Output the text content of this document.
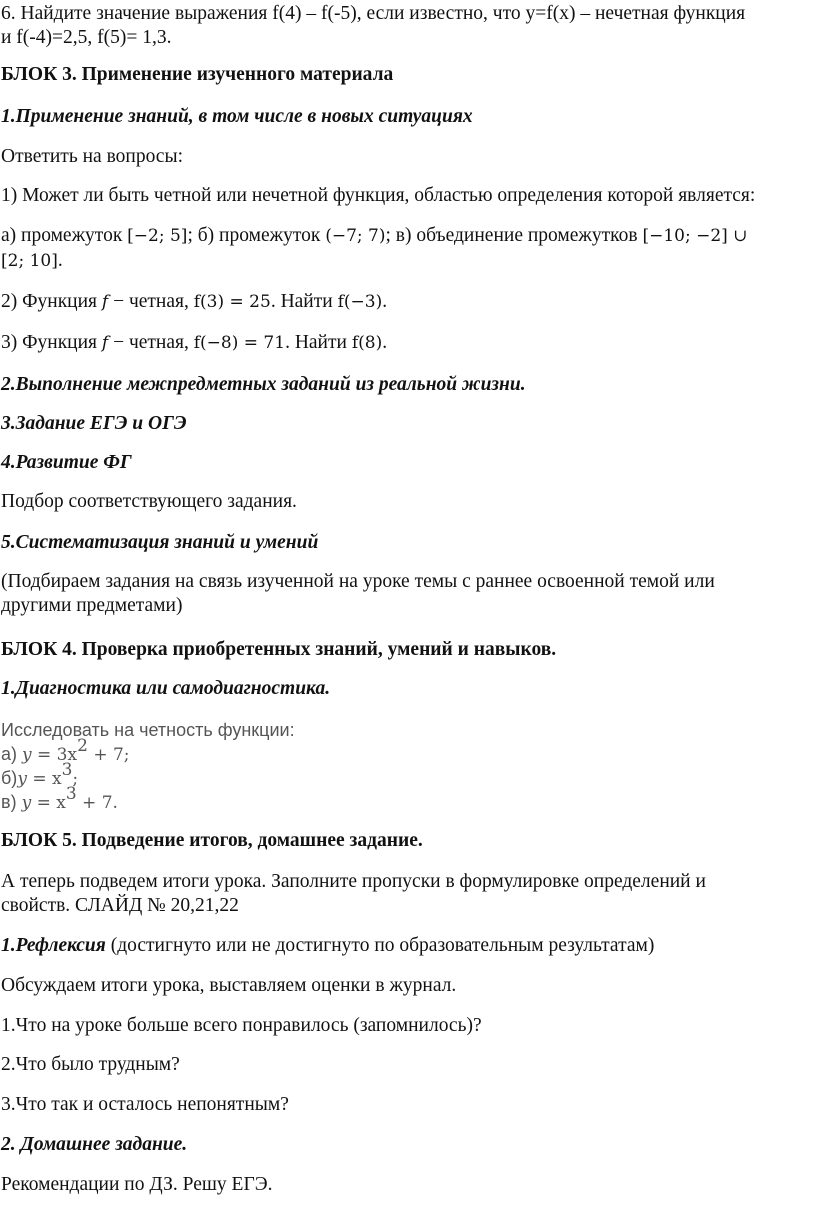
6. Найдите значение выражения f(4) – f(-5), если известно, что y=f(x) – нечетная функция
и f(-4)=2,5, f(5)= 1,3.
БЛОК 3. Применение изученного материала
1.Применение знаний, в том числе в новых ситуациях
Ответить на вопросы:
1) Может ли быть четной или нечетной функция, областью определения которой является:
а) промежуток [−2; 5]; б) промежуток (−7; 7); в) объединение промежутков [−10; −2] ∪
[2; 10].
2) Функция f − четная, f(3) = 25. Найти f(−3).
3) Функция f − четная, f(−8) = 71. Найти f(8).
2.Выполнение межпредметных заданий из реальной жизни.
3.Задание ЕГЭ и ОГЭ
4.Развитие ФГ
Подбор соответствующего задания.
5.Систематизация знаний и умений
(Подбираем задания на связь изученной на уроке темы с раннее освоенной темой или
другими предметами)
БЛОК 4. Проверка приобретенных знаний, умений и навыков.
1.Диагностика или самодиагностика.
Исследовать на четность функции:
а) $y = 3x^2 + 7$;
$б)y = x^3$;
в) $y = x^3 + 7$.
БЛОК 5. Подведение итогов, домашнее задание.
А теперь подведем итоги урока. Заполните пропуски в формулировке определений и
свойств. СЛАЙД № 20,21,22
1.Рефлексия (достигнуто или не достигнуто по образовательным результатам)
Обсуждаем итоги урока, выставляем оценки в журнал.
1.Что на уроке больше всего понравилось (запомнилось)?
2.Что было трудным?
3.Что так и осталось непонятным?
2. Домашнее задание.
Рекомендации по ДЗ. Решу ЕГЭ.
